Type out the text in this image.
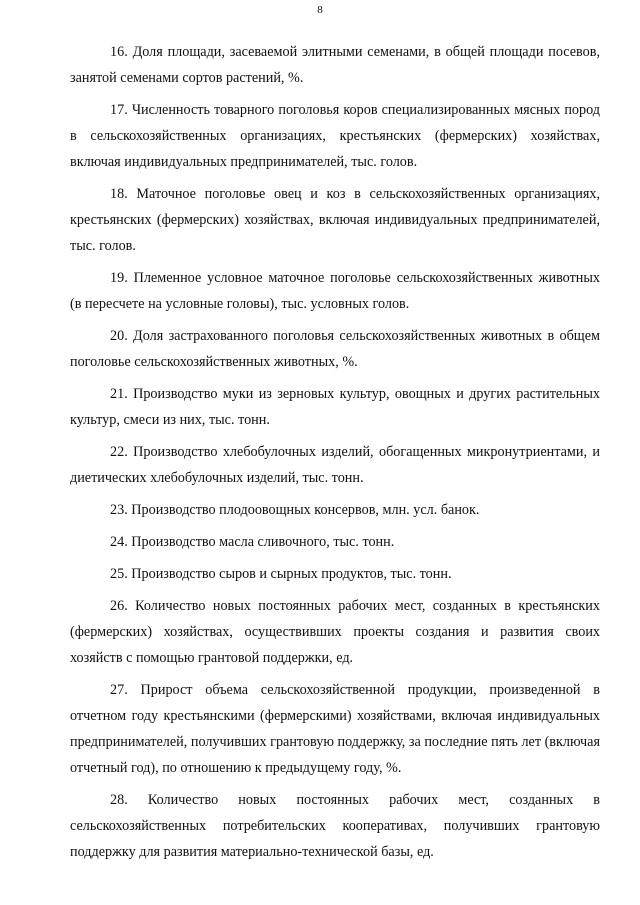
8

16. Доля площади, засеваемой элитными семенами, в общей площади посевов, занятой семенами сортов растений, %.

17. Численность товарного поголовья коров специализированных мясных пород в сельскохозяйственных организациях, крестьянских (фермерских) хозяйствах, включая индивидуальных предпринимателей, тыс. голов.

18. Маточное поголовье овец и коз в сельскохозяйственных организациях, крестьянских (фермерских) хозяйствах, включая индивидуальных предпринимателей, тыс. голов.

19. Племенное условное маточное поголовье сельскохозяйственных животных (в пересчете на условные головы), тыс. условных голов.

20. Доля застрахованного поголовья сельскохозяйственных животных в общем поголовье сельскохозяйственных животных, %.

21. Производство муки из зерновых культур, овощных и других растительных культур, смеси из них, тыс. тонн.

22. Производство хлебобулочных изделий, обогащенных микронутриентами, и диетических хлебобулочных изделий, тыс. тонн.

23. Производство плодоовощных консервов, млн. усл. банок.

24. Производство масла сливочного, тыс. тонн.

25. Производство сыров и сырных продуктов, тыс. тонн.

26. Количество новых постоянных рабочих мест, созданных в крестьянских (фермерских) хозяйствах, осуществивших проекты создания и развития своих хозяйств с помощью грантовой поддержки, ед.

27. Прирост объема сельскохозяйственной продукции, произведенной в отчетном году крестьянскими (фермерскими) хозяйствами, включая индивидуальных предпринимателей, получивших грантовую поддержку, за последние пять лет (включая отчетный год), по отношению к предыдущему году, %.

28. Количество новых постоянных рабочих мест, созданных в сельскохозяйственных потребительских кооперативах, получивших грантовую поддержку для развития материально-технической базы, ед.
